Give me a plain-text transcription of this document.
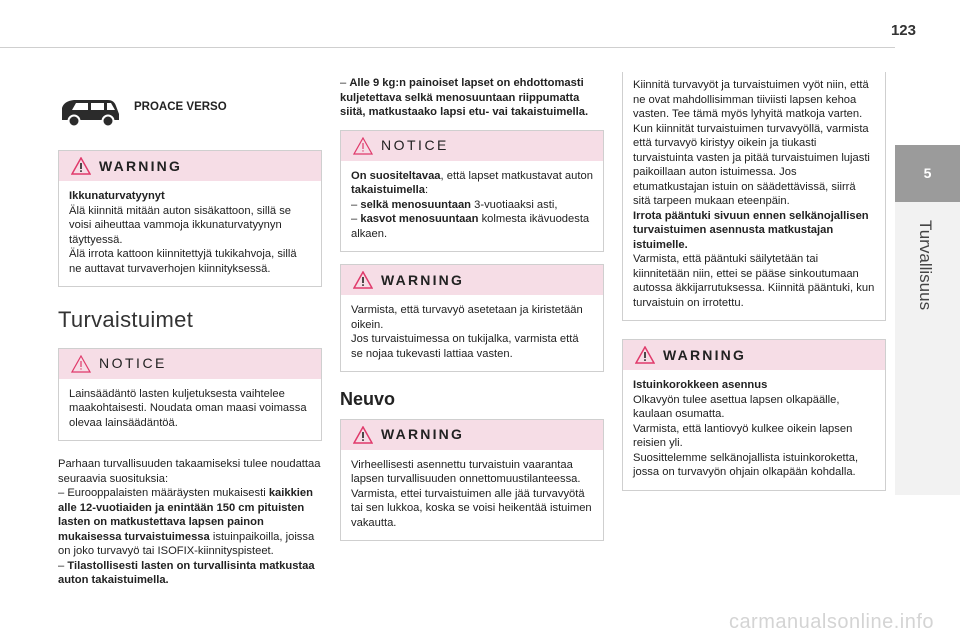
123
5
Turvallisuus
PROACE VERSO
WARNING

Ikkunaturvatyynyt

Älä kiinnitä mitään auton sisäkattoon, sillä se voisi aiheuttaa vammoja ikkunaturvatyynyn täyttyessä.

Älä irrota kattoon kiinnitettyjä tukikahvoja, sillä ne auttavat turvaverhojen kiinnityksessä.

Turvaistuimet
NOTICE

Lainsäädäntö lasten kuljetuksesta vaihtelee maakohtaisesti. Noudata oman maasi voimassa olevaa lainsäädäntöä.

Parhaan turvallisuuden takaamiseksi tulee noudattaa seuraavia suosituksia:

– Eurooppalaisten määräysten mukaisesti kaikkien alle 12-vuotiaiden ja enintään 150 cm pituisten lasten on matkustettava lapsen painon mukaisessa turvaistuimessa istuinpaikoilla, joissa on joko turvavyö tai ISOFIX-kiinnityspisteet.

– Tilastollisesti lasten on turvallisinta matkustaa auton takaistuimella.

– Alle 9 kg:n painoiset lapset on ehdottomasti kuljetettava selkä menosuuntaan riippumatta siitä, matkustaako lapsi etu- vai takaistuimella.

NOTICE

On suositeltavaa, että lapset matkustavat auton takaistuimella:

– selkä menosuuntaan 3-vuotiaaksi asti,

– kasvot menosuuntaan kolmesta ikävuodesta alkaen.

WARNING

Varmista, että turvavyö asetetaan ja kiristetään oikein.

Jos turvaistuimessa on tukijalka, varmista että se nojaa tukevasti lattiaa vasten.

Neuvo
WARNING

Virheellisesti asennettu turvaistuin vaarantaa lapsen turvallisuuden onnettomuustilanteessa.

Varmista, ettei turvaistuimen alle jää turvavyötä tai sen lukkoa, koska se voisi heikentää istuimen vakautta.

Kiinnitä turvavyöt ja turvaistuimen vyöt niin, että ne ovat mahdollisimman tiiviisti lapsen kehoa vasten. Tee tämä myös lyhyitä matkoja varten.

Kun kiinnität turvaistuimen turvavyöllä, varmista että turvavyö kiristyy oikein ja tiukasti turvaistuinta vasten ja pitää turvaistuimen lujasti paikoillaan auton istuimessa. Jos etumatkustajan istuin on säädettävissä, siirrä sitä tarpeen mukaan eteenpäin.

Irrota pääntuki sivuun ennen selkänojallisen turvaistuimen asennusta matkustajan istuimelle.

Varmista, että pääntuki säilytetään tai kiinnitetään niin, ettei se pääse sinkoutumaan autossa äkkijarrutuksessa. Kiinnitä pääntuki, kun turvaistuin on irrotettu.

WARNING

Istuinkorokkeen asennus

Olkavyön tulee asettua lapsen olkapäälle, kaulaan osumatta.

Varmista, että lantiovyö kulkee oikein lapsen reisien yli.

Suosittelemme selkänojallista istuinkoroketta, jossa on turvavyön ohjain olkapään kohdalla.

carmanualsonline.info
